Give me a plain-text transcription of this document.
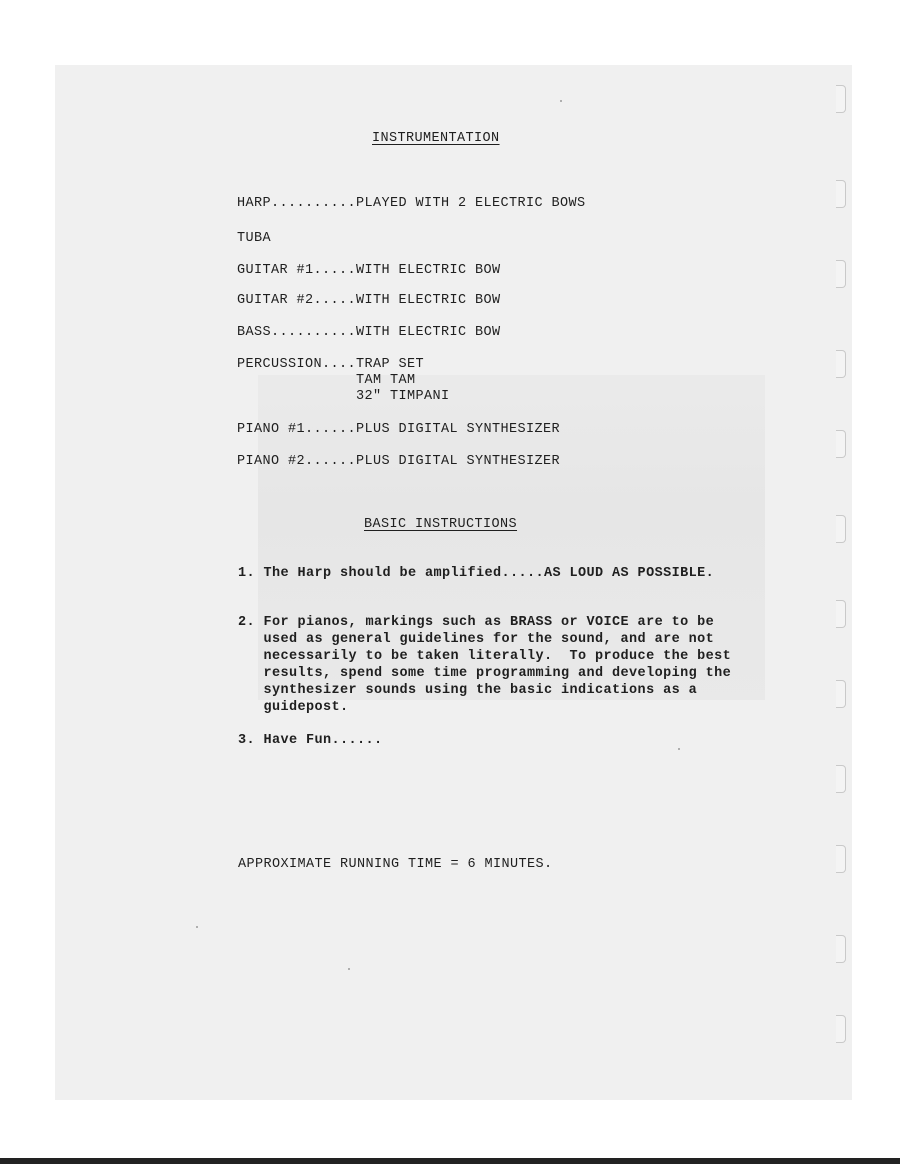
INSTRUMENTATION

HARP..........PLAYED WITH 2 ELECTRIC BOWS

TUBA

GUITAR #1.....WITH ELECTRIC BOW

GUITAR #2.....WITH ELECTRIC BOW

BASS..........WITH ELECTRIC BOW

PERCUSSION....TRAP SET

TAM TAM

32" TIMPANI

PIANO #1......PLUS DIGITAL SYNTHESIZER

PIANO #2......PLUS DIGITAL SYNTHESIZER

BASIC INSTRUCTIONS

1. The Harp should be amplified.....AS LOUD AS POSSIBLE.

2. For pianos, markings such as BRASS or VOICE are to be

used as general guidelines for the sound, and are not

necessarily to be taken literally.  To produce the best

results, spend some time programming and developing the

synthesizer sounds using the basic indications as a

guidepost.

3. Have Fun......

APPROXIMATE RUNNING TIME = 6 MINUTES.
